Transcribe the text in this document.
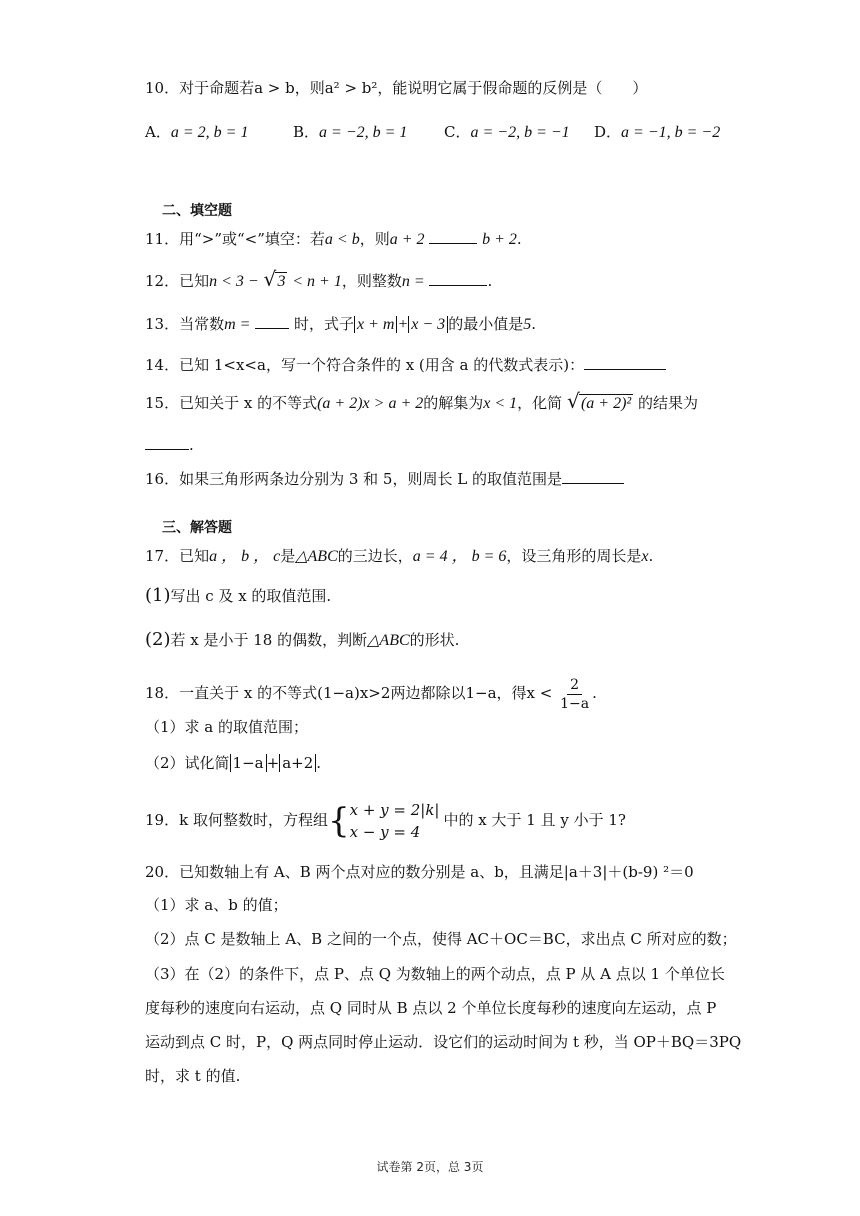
10．对于命题若a > b，则a² > b²，能说明它属于假命题的反例是（　　）
A．a = 2, b = 1	B．a = −2, b = 1 C．a = −2, b = −1 D．a = −1, b = −2
二、填空题
11．用“>”或“<”填空：若a < b，则a + 2	b + 2.
12．已知n < 3 − √ 3 < n + 1，则整数n =	.
13．当常数m =	时，式子 x + m + x − 3 的最小值是5.
14．已知 1<x<a，写一个符合条件的 x (用含 a 的代数式表示)：
15．已知关于 x 的不等式(a + 2)x > a + 2的解集为x < 1，化简 √ (a + 2)² 的结果为
.
16．如果三角形两条边分别为 3 和 5，则周长 L 的取值范围是
三、解答题
17．已知a ， b ， c是△ABC的三边长，a = 4 ， b = 6，设三角形的周长是x.
(1)写出 c 及 x 的取值范围.
(2)若 x 是小于 18 的偶数，判断△ABC的形状.
18．一直关于 x 的不等式(1−a)x>2两边都除以1−a，得$x < \frac{2}{1-a}$ .
（1）求 a 的取值范围；
（2）试化简 1−a + a+2 .
19．k 取何整数时，方程组{ x + y = 2|k|
x − y = 4
中的 x 大于 1 且 y 小于 1?
20．已知数轴上有 A、B 两个点对应的数分别是 a、b，且满足|a＋3|＋(b-9) ²＝0
（1）求 a、b 的值；
（2）点 C 是数轴上 A、B 之间的一个点，使得 AC＋OC＝BC，求出点 C 所对应的数；
（3）在（2）的条件下，点 P、点 Q 为数轴上的两个动点，点 P 从 A 点以 1 个单位长
度每秒的速度向右运动，点 Q 同时从 B 点以 2 个单位长度每秒的速度向左运动，点 P
运动到点 C 时，P，Q 两点同时停止运动．设它们的运动时间为 t 秒，当 OP＋BQ＝3PQ
时，求 t 的值.
试卷第 2页，总 3页
